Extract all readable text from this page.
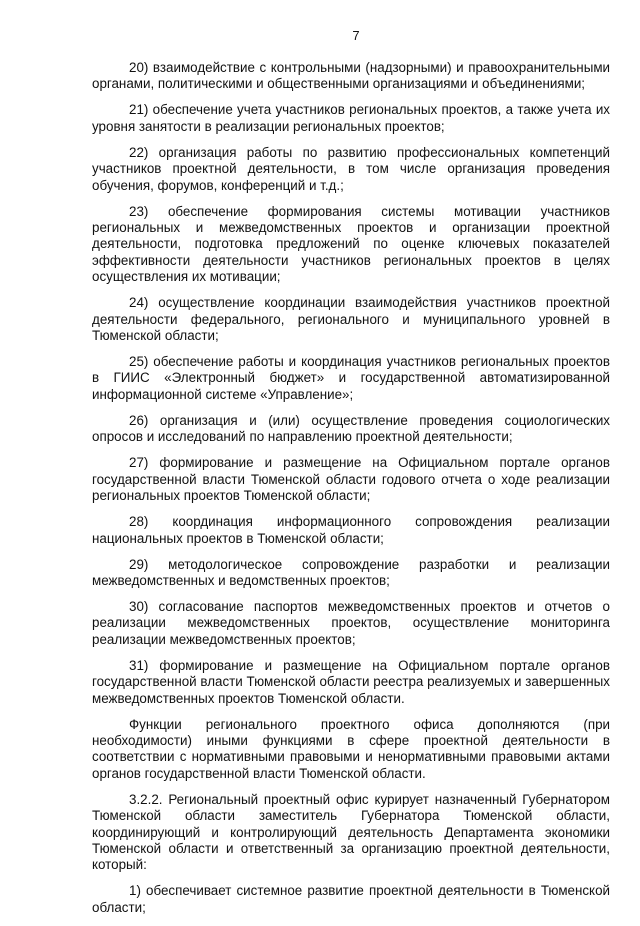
7

20) взаимодействие с контрольными (надзорными) и правоохранительными органами, политическими и общественными организациями и объединениями;

21) обеспечение учета участников региональных проектов, а также учета их уровня занятости в реализации региональных проектов;

22) организация работы по развитию профессиональных компетенций участников проектной деятельности, в том числе организация проведения обучения, форумов, конференций и т.д.;

23) обеспечение формирования системы мотивации участников региональных и межведомственных проектов и организации проектной деятельности, подготовка предложений по оценке ключевых показателей эффективности деятельности участников региональных проектов в целях осуществления их мотивации;

24) осуществление координации взаимодействия участников проектной деятельности федерального, регионального и муниципального уровней в Тюменской области;

25) обеспечение работы и координация участников региональных проектов в ГИИС «Электронный бюджет» и государственной автоматизированной информационной системе «Управление»;

26) организация и (или) осуществление проведения социологических опросов и исследований по направлению проектной деятельности;

27) формирование и размещение на Официальном портале органов государственной власти Тюменской области годового отчета о ходе реализации региональных проектов Тюменской области;

28) координация информационного сопровождения реализации национальных проектов в Тюменской области;

29) методологическое сопровождение разработки и реализации межведомственных и ведомственных проектов;

30) согласование паспортов межведомственных проектов и отчетов о реализации межведомственных проектов, осуществление мониторинга реализации межведомственных проектов;

31) формирование и размещение на Официальном портале органов государственной власти Тюменской области реестра реализуемых и завершенных межведомственных проектов Тюменской области.

Функции регионального проектного офиса дополняются (при необходимости) иными функциями в сфере проектной деятельности в соответствии с нормативными правовыми и ненормативными правовыми актами органов государственной власти Тюменской области.

3.2.2. Региональный проектный офис курирует назначенный Губернатором Тюменской области заместитель Губернатора Тюменской области, координирующий и контролирующий деятельность Департамента экономики Тюменской области и ответственный за организацию проектной деятельности, который:

1) обеспечивает системное развитие проектной деятельности в Тюменской области;
